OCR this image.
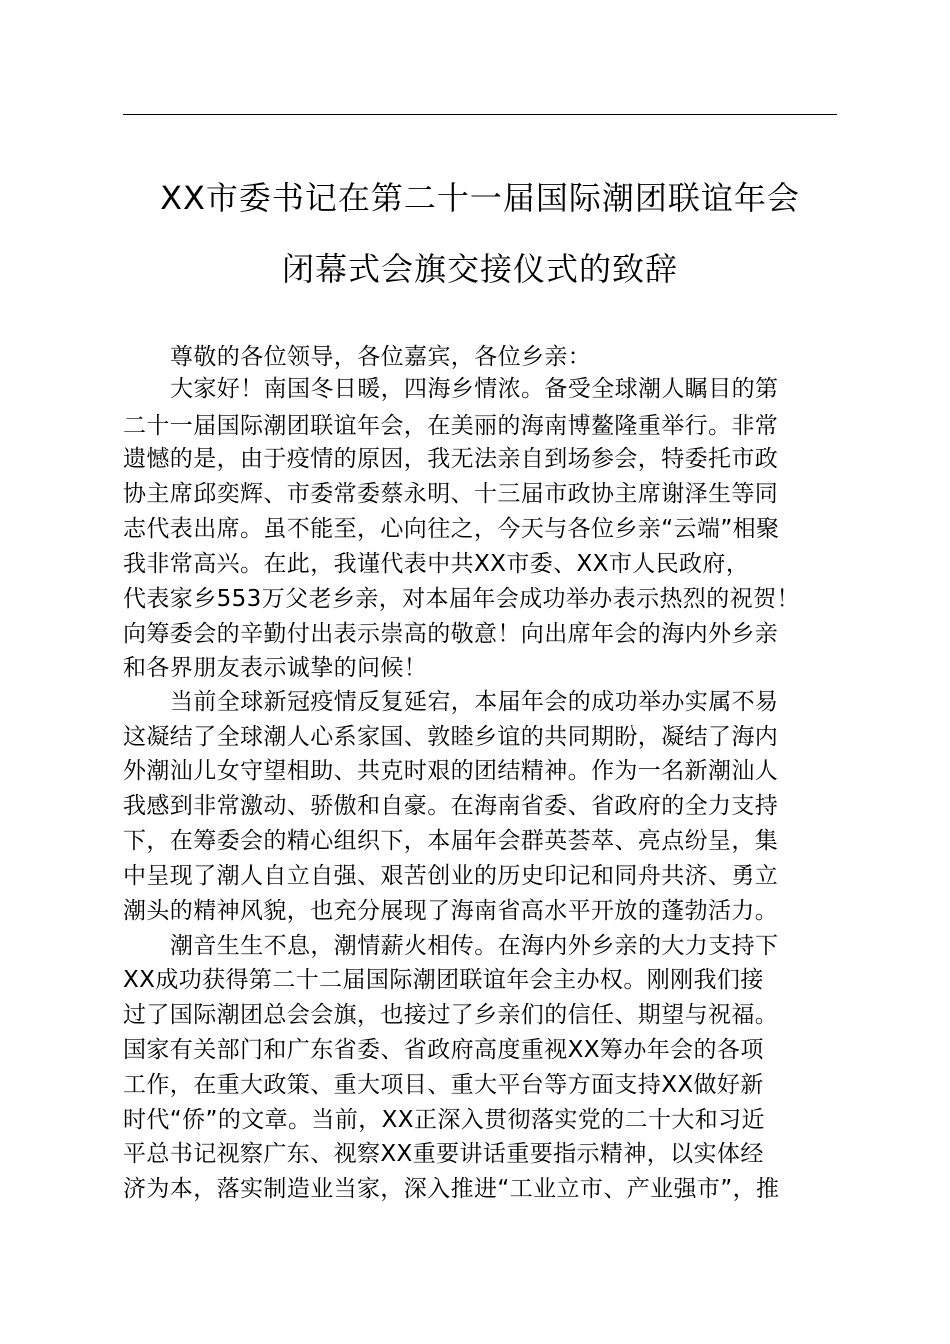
XX市委书记在第二十一届国际潮团联谊年会
闭幕式会旗交接仪式的致辞
尊敬的各位领导，各位嘉宾，各位乡亲：
大家好！南国冬日暖，四海乡情浓。备受全球潮人瞩目的第
二十一届国际潮团联谊年会，在美丽的海南博鳌隆重举行。非常
遗憾的是，由于疫情的原因，我无法亲自到场参会，特委托市政
协主席邱奕辉、市委常委蔡永明、十三届市政协主席谢泽生等同
志代表出席。虽不能至，心向往之，今天与各位乡亲“云端”相聚
我非常高兴。在此，我谨代表中共XX市委、XX市人民政府，
代表家乡553万父老乡亲，对本届年会成功举办表示热烈的祝贺！
向筹委会的辛勤付出表示崇高的敬意！向出席年会的海内外乡亲
和各界朋友表示诚挚的问候！
当前全球新冠疫情反复延宕，本届年会的成功举办实属不易
这凝结了全球潮人心系家国、敦睦乡谊的共同期盼，凝结了海内
外潮汕儿女守望相助、共克时艰的团结精神。作为一名新潮汕人
我感到非常激动、骄傲和自豪。在海南省委、省政府的全力支持
下，在筹委会的精心组织下，本届年会群英荟萃、亮点纷呈，集
中呈现了潮人自立自强、艰苦创业的历史印记和同舟共济、勇立
潮头的精神风貌，也充分展现了海南省高水平开放的蓬勃活力。
潮音生生不息，潮情薪火相传。在海内外乡亲的大力支持下
XX成功获得第二十二届国际潮团联谊年会主办权。刚刚我们接
过了国际潮团总会会旗，也接过了乡亲们的信任、期望与祝福。
国家有关部门和广东省委、省政府高度重视XX筹办年会的各项
工作，在重大政策、重大项目、重大平台等方面支持XX做好新
时代“侨”的文章。当前，XX正深入贯彻落实党的二十大和习近
平总书记视察广东、视察XX重要讲话重要指示精神，以实体经
济为本，落实制造业当家，深入推进“工业立市、产业强市”，推
